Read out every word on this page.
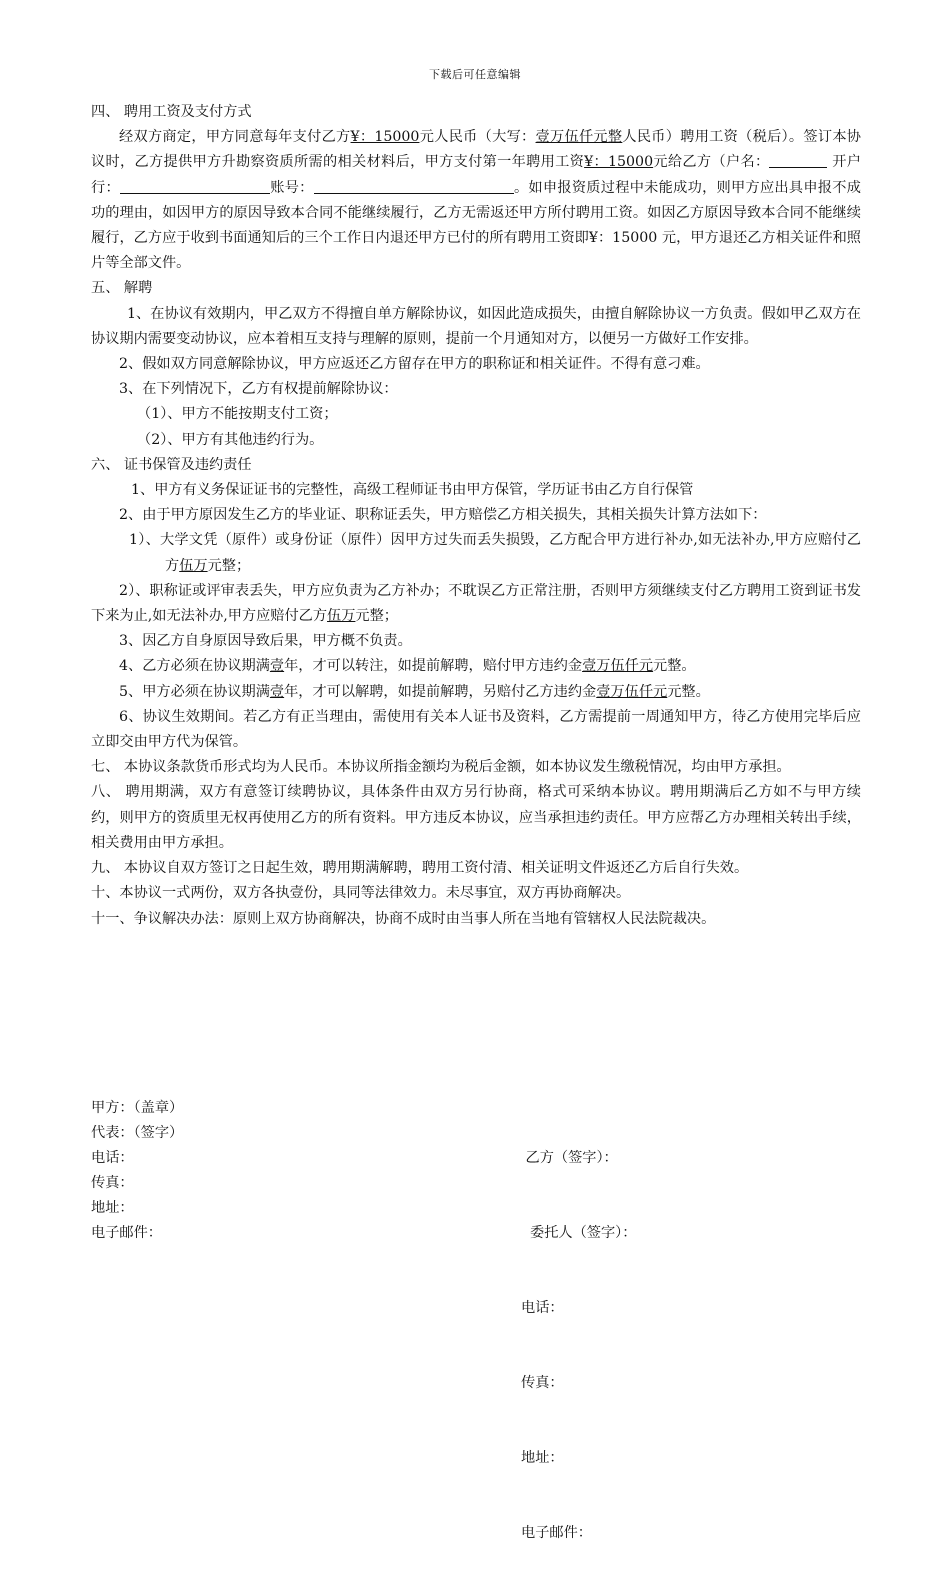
下载后可任意编辑
四、 聘用工资及支付方式
经双方商定，甲方同意每年支付乙方¥：15000元人民币（大写：壹万伍仟元整人民币）聘用工资（税后）。签订本协议时，乙方提供甲方升勘察资质所需的相关材料后，甲方支付第一年聘用工资¥：15000元给乙方（户名：	开户行：	账号：	。如申报资质过程中未能成功，则甲方应出具申报不成功的理由，如因甲方的原因导致本合同不能继续履行，乙方无需返还甲方所付聘用工资。如因乙方原因导致本合同不能继续履行，乙方应于收到书面通知后的三个工作日内退还甲方已付的所有聘用工资即¥：15000 元，甲方退还乙方相关证件和照片等全部文件。
五、 解聘
1、在协议有效期内，甲乙双方不得擅自单方解除协议，如因此造成损失，由擅自解除协议一方负责。假如甲乙双方在协议期内需要变动协议，应本着相互支持与理解的原则，提前一个月通知对方，以便另一方做好工作安排。
2、假如双方同意解除协议，甲方应返还乙方留存在甲方的职称证和相关证件。不得有意刁难。
3、在下列情况下，乙方有权提前解除协议：
（1）、甲方不能按期支付工资；
（2）、甲方有其他违约行为。
六、 证书保管及违约责任
1、甲方有义务保证证书的完整性，高级工程师证书由甲方保管，学历证书由乙方自行保管
2、由于甲方原因发生乙方的毕业证、职称证丢失，甲方赔偿乙方相关损失，其相关损失计算方法如下：
1）、大学文凭（原件）或身份证（原件）因甲方过失而丢失损毁，乙方配合甲方进行补办,如无法补办,甲方应赔付乙方伍万元整；
2）、职称证或评审表丢失，甲方应负责为乙方补办；不耽误乙方正常注册，否则甲方须继续支付乙方聘用工资到证书发下来为止,如无法补办,甲方应赔付乙方伍万元整；
3、因乙方自身原因导致后果，甲方概不负责。
4、乙方必须在协议期满壹年，才可以转注，如提前解聘，赔付甲方违约金壹万伍仟元元整。
5、甲方必须在协议期满壹年，才可以解聘，如提前解聘，另赔付乙方违约金壹万伍仟元元整。
6、协议生效期间。若乙方有正当理由，需使用有关本人证书及资料，乙方需提前一周通知甲方，待乙方使用完毕后应立即交由甲方代为保管。
七、 本协议条款货币形式均为人民币。本协议所指金额均为税后金额，如本协议发生缴税情况，均由甲方承担。
八、 聘用期满，双方有意签订续聘协议，具体条件由双方另行协商，格式可采纳本协议。聘用期满后乙方如不与甲方续约，则甲方的资质里无权再使用乙方的所有资料。甲方违反本协议，应当承担违约责任。甲方应帮乙方办理相关转出手续，相关费用由甲方承担。
九、 本协议自双方签订之日起生效，聘用期满解聘，聘用工资付清、相关证明文件返还乙方后自行失效。
十、本协议一式两份，双方各执壹份，具同等法律效力。未尽事宜，双方再协商解决。
十一、争议解决办法：原则上双方协商解决，协商不成时由当事人所在当地有管辖权人民法院裁决。
甲方：（盖章）
代表：（签字）
电话：
传真：
地址：
电子邮件：

乙方（签字）：

委托人（签字）：

电话：

传真：

地址：

电子邮件：
